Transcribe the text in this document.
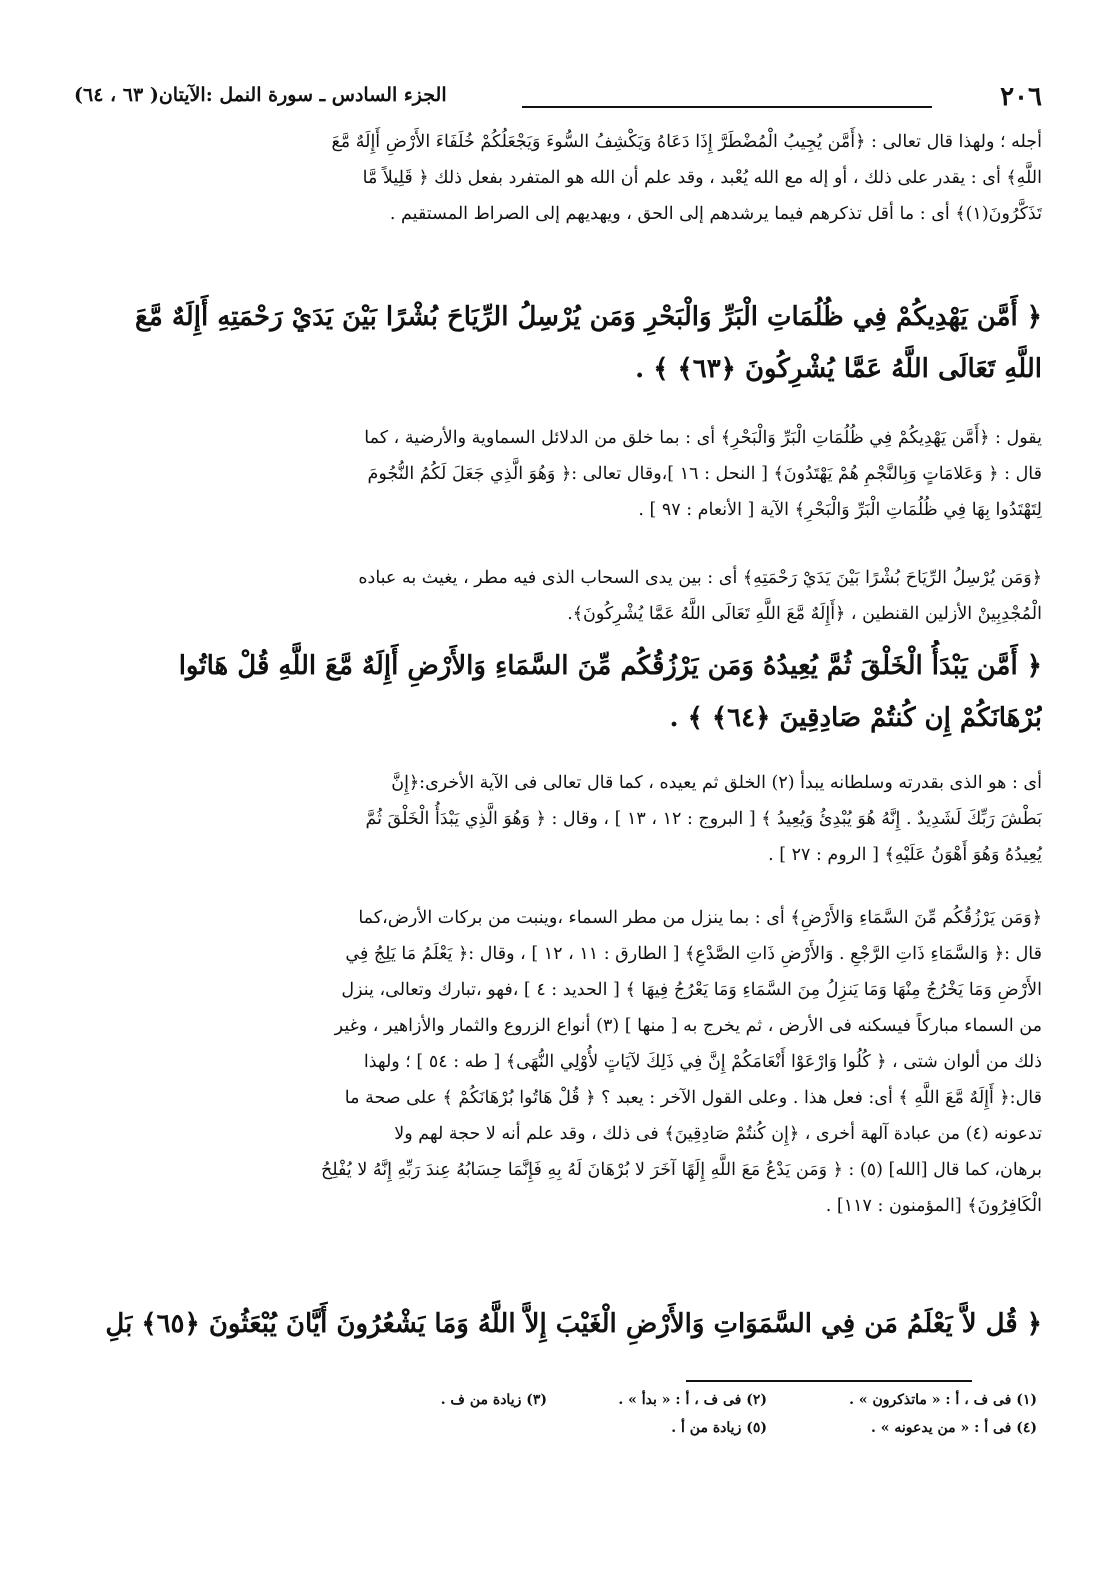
٢٠٦
الجزء السادس ـ سورة النمل :الآيتان( ٦٣ ، ٦٤)

أجله ؛ ولهذا قال تعالى : ﴿أَمَّن يُجِيبُ الْمُضْطَرَّ إِذَا دَعَاهُ وَيَكْشِفُ السُّوءَ وَيَجْعَلُكُمْ خُلَفَاءَ الأَرْضِ أَإِلَهٌ مَّعَ

اللَّهِ﴾ أى : يقدر على ذلك ، أو إله مع الله يُعْبد ، وقد علم أن الله هو المتفرد بفعل ذلك ﴿ قَلِيلاً مَّا

تَذَكَّرُونَ(١)﴾ أى : ما أقل تذكرهم فيما يرشدهم إلى الحق ، ويهديهم إلى الصراط المستقيم .

﴿ أَمَّن يَهْدِيكُمْ فِي ظُلُمَاتِ الْبَرِّ وَالْبَحْرِ وَمَن يُرْسِلُ الرِّيَاحَ بُشْرًا بَيْنَ يَدَيْ رَحْمَتِهِ أَإِلَهٌ مَّعَ

اللَّهِ تَعَالَى اللَّهُ عَمَّا يُشْرِكُونَ ﴿٦٣﴾ ﴾ .

يقول : ﴿أَمَّن يَهْدِيكُمْ فِي ظُلُمَاتِ الْبَرِّ وَالْبَحْرِ﴾ أى : بما خلق من الدلائل السماوية والأرضية ، كما

قال : ﴿ وَعَلامَاتٍ وَبِالنَّجْمِ هُمْ يَهْتَدُونَ﴾ [ النحل : ١٦ ]،وقال تعالى :﴿ وَهُوَ الَّذِي جَعَلَ لَكُمُ النُّجُومَ

لِتَهْتَدُوا بِهَا فِي ظُلُمَاتِ الْبَرِّ وَالْبَحْرِ﴾ الآية [ الأنعام : ٩٧ ] .

﴿وَمَن يُرْسِلُ الرِّيَاحَ بُشْرًا بَيْنَ يَدَيْ رَحْمَتِهِ﴾ أى : بين يدى السحاب الذى فيه مطر ، يغيث به عباده

الْمُجْدِبِينْ الأزلين القنطين ، ﴿أَإِلَهٌ مَّعَ اللَّهِ تَعَالَى اللَّهُ عَمَّا يُشْرِكُونَ﴾.

﴿ أَمَّن يَبْدَأُ الْخَلْقَ ثُمَّ يُعِيدُهُ وَمَن يَرْزُقُكُم مِّنَ السَّمَاءِ وَالأَرْضِ أَإِلَهٌ مَّعَ اللَّهِ قُلْ هَاتُوا

بُرْهَانَكُمْ إِن كُنتُمْ صَادِقِينَ ﴿٦٤﴾ ﴾ .

أى : هو الذى بقدرته وسلطانه يبدأ (٢) الخلق ثم يعيده ، كما قال تعالى فى الآية الأخرى:﴿إِنَّ

بَطْشَ رَبِّكَ لَشَدِيدٌ . إِنَّهُ هُوَ يُبْدِئُ وَيُعِيدُ ﴾ [ البروج : ١٢ ، ١٣ ] ، وقال : ﴿ وَهُوَ الَّذِي يَبْدَأُ الْخَلْقَ ثُمَّ

يُعِيدُهُ وَهُوَ أَهْوَنُ عَلَيْهِ﴾ [ الروم : ٢٧ ] .

﴿وَمَن يَرْزُقُكُم مِّنَ السَّمَاءِ وَالأَرْضِ﴾ أى : بما ينزل من مطر السماء ،وينبت من بركات الأرض،كما

قال :﴿ وَالسَّمَاءِ ذَاتِ الرَّجْعِ . وَالأَرْضِ ذَاتِ الصَّدْعِ﴾ [ الطارق : ١١ ، ١٢ ] ، وقال :﴿ يَعْلَمُ مَا يَلِجُ فِي

الأَرْضِ وَمَا يَخْرُجُ مِنْهَا وَمَا يَنزِلُ مِنَ السَّمَاءِ وَمَا يَعْرُجُ فِيهَا ﴾ [ الحديد : ٤ ] ،فهو ،تبارك وتعالى، ينزل

من السماء مباركاً فيسكنه فى الأرض ، ثم يخرج به [ منها ] (٣) أنواع الزروع والثمار والأزاهير ، وغير

ذلك من ألوان شتى ، ﴿ كُلُوا وَارْعَوْا أَنْعَامَكُمْ إِنَّ فِي ذَلِكَ لآيَاتٍ لأُوْلِي النُّهَى﴾ [ طه : ٥٤ ] ؛ ولهذا

قال:﴿ أَإِلَهٌ مَّعَ اللَّهِ ﴾ أى: فعل هذا . وعلى القول الآخر : يعبد ؟ ﴿ قُلْ هَاتُوا بُرْهَانَكُمْ ﴾ على صحة ما

تدعونه (٤) من عبادة آلهة أخرى ، ﴿إِن كُنتُمْ صَادِقِينَ﴾ فى ذلك ، وقد علم أنه لا حجة لهم ولا

برهان، كما قال [الله] (٥) : ﴿ وَمَن يَدْعُ مَعَ اللَّهِ إِلَهًا آخَرَ لا بُرْهَانَ لَهُ بِهِ فَإِنَّمَا حِسَابُهُ عِندَ رَبِّهِ إِنَّهُ لا يُفْلِحُ

الْكَافِرُونَ﴾ [المؤمنون : ١١٧] .

﴿ قُل لاَّ يَعْلَمُ مَن فِي السَّمَوَاتِ وَالأَرْضِ الْغَيْبَ إِلاَّ اللَّهُ وَمَا يَشْعُرُونَ أَيَّانَ يُبْعَثُونَ ﴿٦٥﴾ بَلِ

(١) فى ف ، أ : « ماتذكرون » .
(٢) فى ف ، أ : « بدأ » .
(٣) زيادة من ف .
(٤) فى أ : « من يدعونه » .
(٥) زيادة من أ .
